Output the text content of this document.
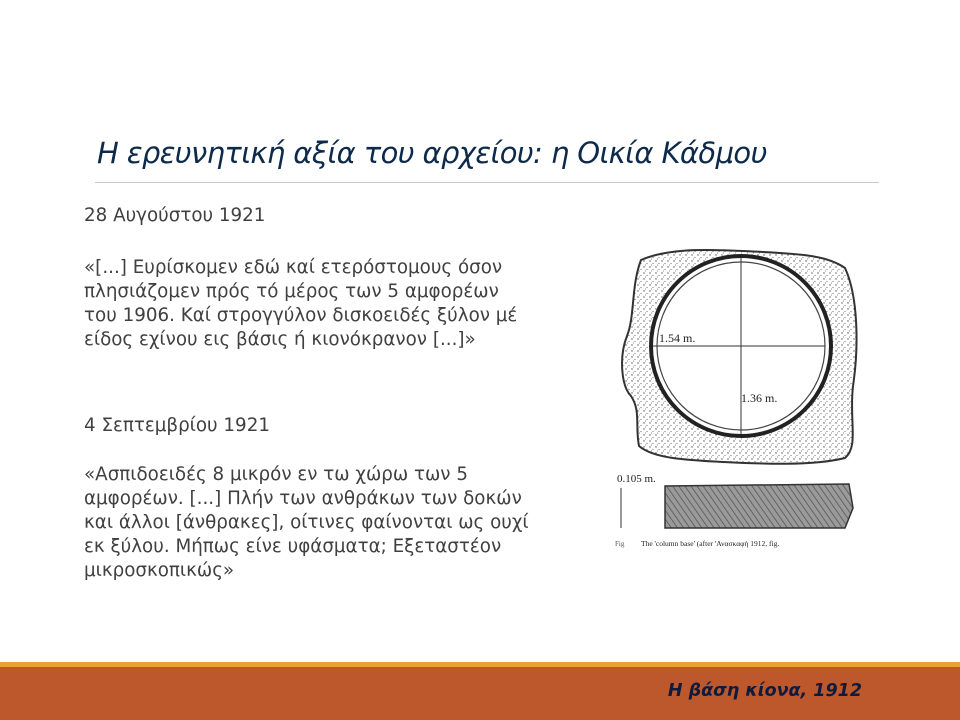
Η ερευνητική αξία του αρχείου: η Οικία Κάδμου

28 Αυγούστου 1921

«[...] Ευρίσκομεν εδώ καί ετερόστομους όσον
πλησιάζομεν πρός τό μέρος των 5 αμφορέων
του 1906. Καί στρογγύλον δισκοειδές ξύλον μέ
είδος εχίνου εις βάσις ή κιονόκρανον [...]»

4 Σεπτεμβρίου 1921

«Ασπιδοειδές 8 μικρόν εν τω χώρω των 5
αμφορέων. [...] Πλήν των ανθράκων των δοκών
και άλλοι [άνθρακες], οίτινες φαίνονται ως ουχί
εκ ξύλου. Μήπως είνε υφάσματα; Εξεταστέον
μικροσκοπικώς»

1.54 m.
1.36 m.
0.105 m.
Fig The 'column base' (after 'Ανασκαφή 1912, fig.
Η βάση κίονα, 1912
